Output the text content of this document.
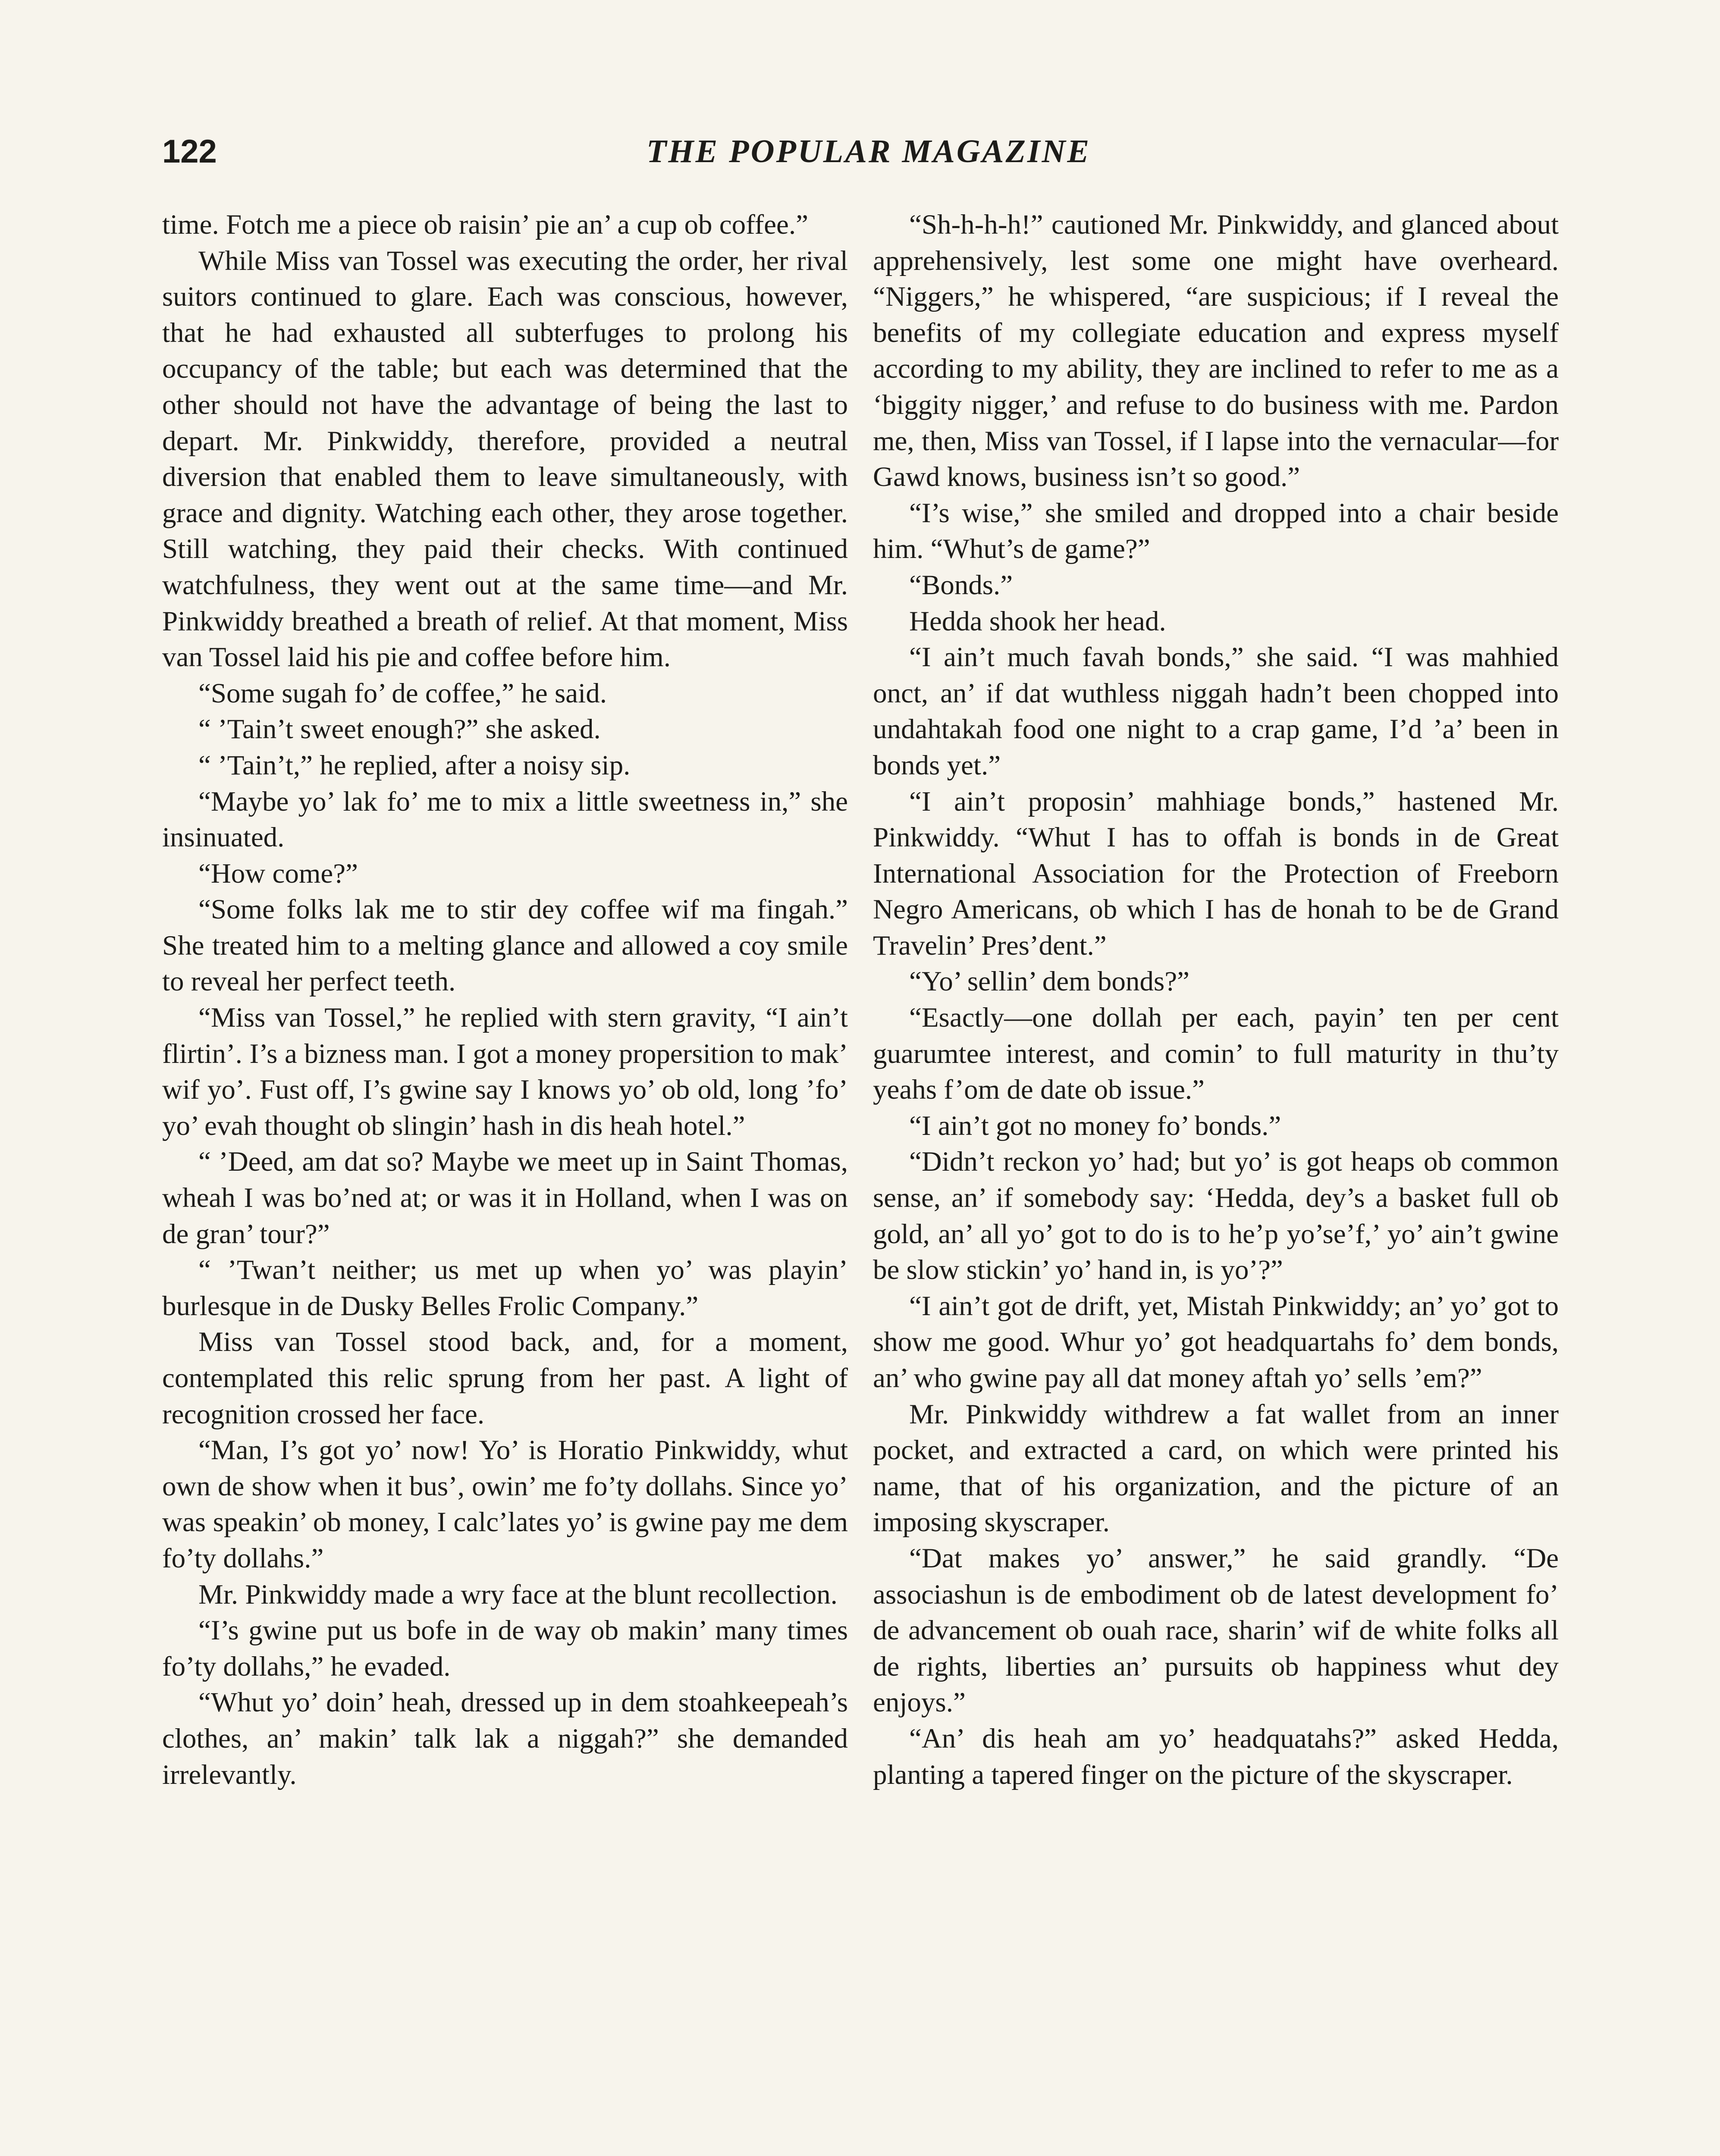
122	THE POPULAR MAGAZINE

time. Fotch me a piece ob raisin’ pie an’ a cup ob coffee.”

While Miss van Tossel was executing the order, her rival suitors continued to glare. Each was conscious, however, that he had exhausted all subterfuges to prolong his occupancy of the table; but each was determined that the other should not have the advantage of being the last to depart. Mr. Pinkwiddy, therefore, provided a neutral diversion that enabled them to leave simultaneously, with grace and dignity. Watching each other, they arose together. Still watching, they paid their checks. With continued watchfulness, they went out at the same time—and Mr. Pinkwiddy breathed a breath of relief. At that moment, Miss van Tossel laid his pie and coffee before him.

“Some sugah fo’ de coffee,” he said.

“ ’Tain’t sweet enough?” she asked.

“ ’Tain’t,” he replied, after a noisy sip.

“Maybe yo’ lak fo’ me to mix a little sweetness in,” she insinuated.

“How come?”

“Some folks lak me to stir dey coffee wif ma fingah.” She treated him to a melting glance and allowed a coy smile to reveal her perfect teeth.

“Miss van Tossel,” he replied with stern gravity, “I ain’t flirtin’. I’s a bizness man. I got a money propersition to mak’ wif yo’. Fust off, I’s gwine say I knows yo’ ob old, long ’fo’ yo’ evah thought ob slingin’ hash in dis heah hotel.”

“ ’Deed, am dat so? Maybe we meet up in Saint Thomas, wheah I was bo’ned at; or was it in Holland, when I was on de gran’ tour?”

“ ’Twan’t neither; us met up when yo’ was playin’ burlesque in de Dusky Belles Frolic Company.”

Miss van Tossel stood back, and, for a moment, contemplated this relic sprung from her past. A light of recognition crossed her face.

“Man, I’s got yo’ now! Yo’ is Horatio Pinkwiddy, whut own de show when it bus’, owin’ me fo’ty dollahs. Since yo’ was speakin’ ob money, I calc’lates yo’ is gwine pay me dem fo’ty dollahs.”

Mr. Pinkwiddy made a wry face at the blunt recollection.

“I’s gwine put us bofe in de way ob makin’ many times fo’ty dollahs,” he evaded.

“Whut yo’ doin’ heah, dressed up in dem stoahkeepeah’s clothes, an’ makin’ talk lak a niggah?” she demanded irrelevantly.

“Sh-h-h-h!” cautioned Mr. Pinkwiddy, and glanced about apprehensively, lest some one might have overheard. “Niggers,” he whispered, “are suspicious; if I reveal the benefits of my collegiate education and express myself according to my ability, they are inclined to refer to me as a ‘biggity nigger,’ and refuse to do business with me. Pardon me, then, Miss van Tossel, if I lapse into the vernacular—for Gawd knows, business isn’t so good.”

“I’s wise,” she smiled and dropped into a chair beside him. “Whut’s de game?”

“Bonds.”

Hedda shook her head.

“I ain’t much favah bonds,” she said. “I was mahhied onct, an’ if dat wuthless niggah hadn’t been chopped into undahtakah food one night to a crap game, I’d ’a’ been in bonds yet.”

“I ain’t proposin’ mahhiage bonds,” hastened Mr. Pinkwiddy. “Whut I has to offah is bonds in de Great International Association for the Protection of Freeborn Negro Americans, ob which I has de honah to be de Grand Travelin’ Pres’dent.”

“Yo’ sellin’ dem bonds?”

“Esactly—one dollah per each, payin’ ten per cent guarumtee interest, and comin’ to full maturity in thu’ty yeahs f’om de date ob issue.”

“I ain’t got no money fo’ bonds.”

“Didn’t reckon yo’ had; but yo’ is got heaps ob common sense, an’ if somebody say: ‘Hedda, dey’s a basket full ob gold, an’ all yo’ got to do is to he’p yo’se’f,’ yo’ ain’t gwine be slow stickin’ yo’ hand in, is yo’?”

“I ain’t got de drift, yet, Mistah Pinkwiddy; an’ yo’ got to show me good. Whur yo’ got headquartahs fo’ dem bonds, an’ who gwine pay all dat money aftah yo’ sells ’em?”

Mr. Pinkwiddy withdrew a fat wallet from an inner pocket, and extracted a card, on which were printed his name, that of his organization, and the picture of an imposing skyscraper.

“Dat makes yo’ answer,” he said grandly. “De associashun is de embodiment ob de latest development fo’ de advancement ob ouah race, sharin’ wif de white folks all de rights, liberties an’ pursuits ob happiness whut dey enjoys.”

“An’ dis heah am yo’ headquatahs?” asked Hedda, planting a tapered finger on the picture of the skyscraper.
